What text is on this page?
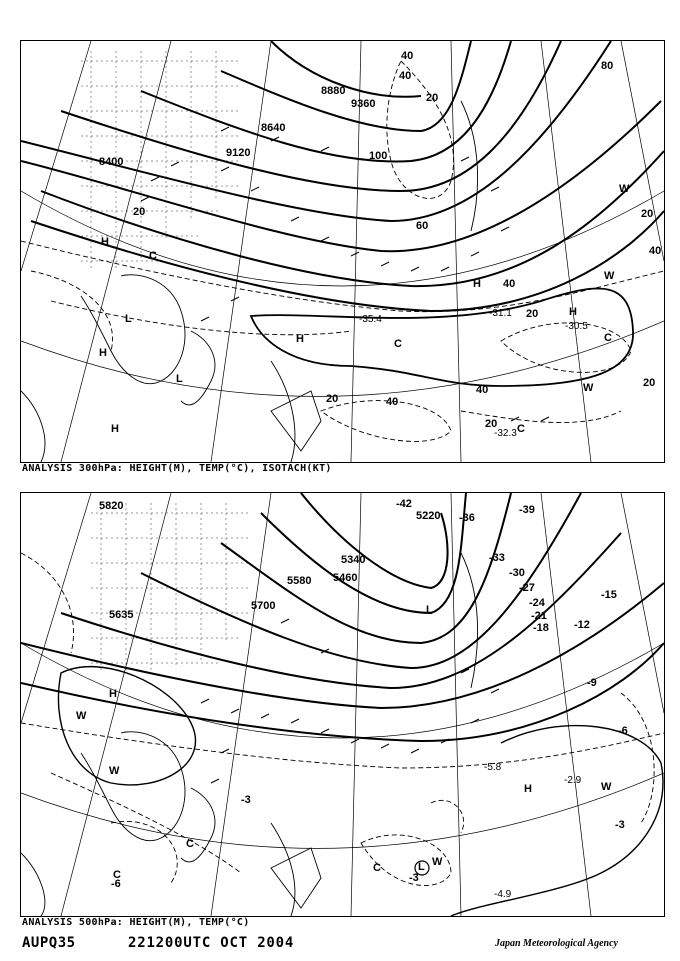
8400
8640
8880
9120
9360
20
40
20
40
100
60
80
40
20
40
20
20
40
20	40
20
H
C
L
H
L
H
H	C
H
H
C
W
W
C
W
-31.1
-35.4
-30.5
-32.3
ANALYSIS 300hPa: HEIGHT(M), TEMP(°C), ISOTACH(KT)
5820
5700
5580 5460
5340
5220
5635
-42	-39
-36
-33
-30
-27
-24
-21
-18
-15
-12
-9
-6
-3
-6	-3
-3
L
H
W
W
C
C
C	L W
H	W
-5.8
-2.9
-4.9
ANALYSIS 500hPa: HEIGHT(M), TEMP(°C)
AUPQ35	221200UTC OCT 2004	Japan Meteorological Agency
